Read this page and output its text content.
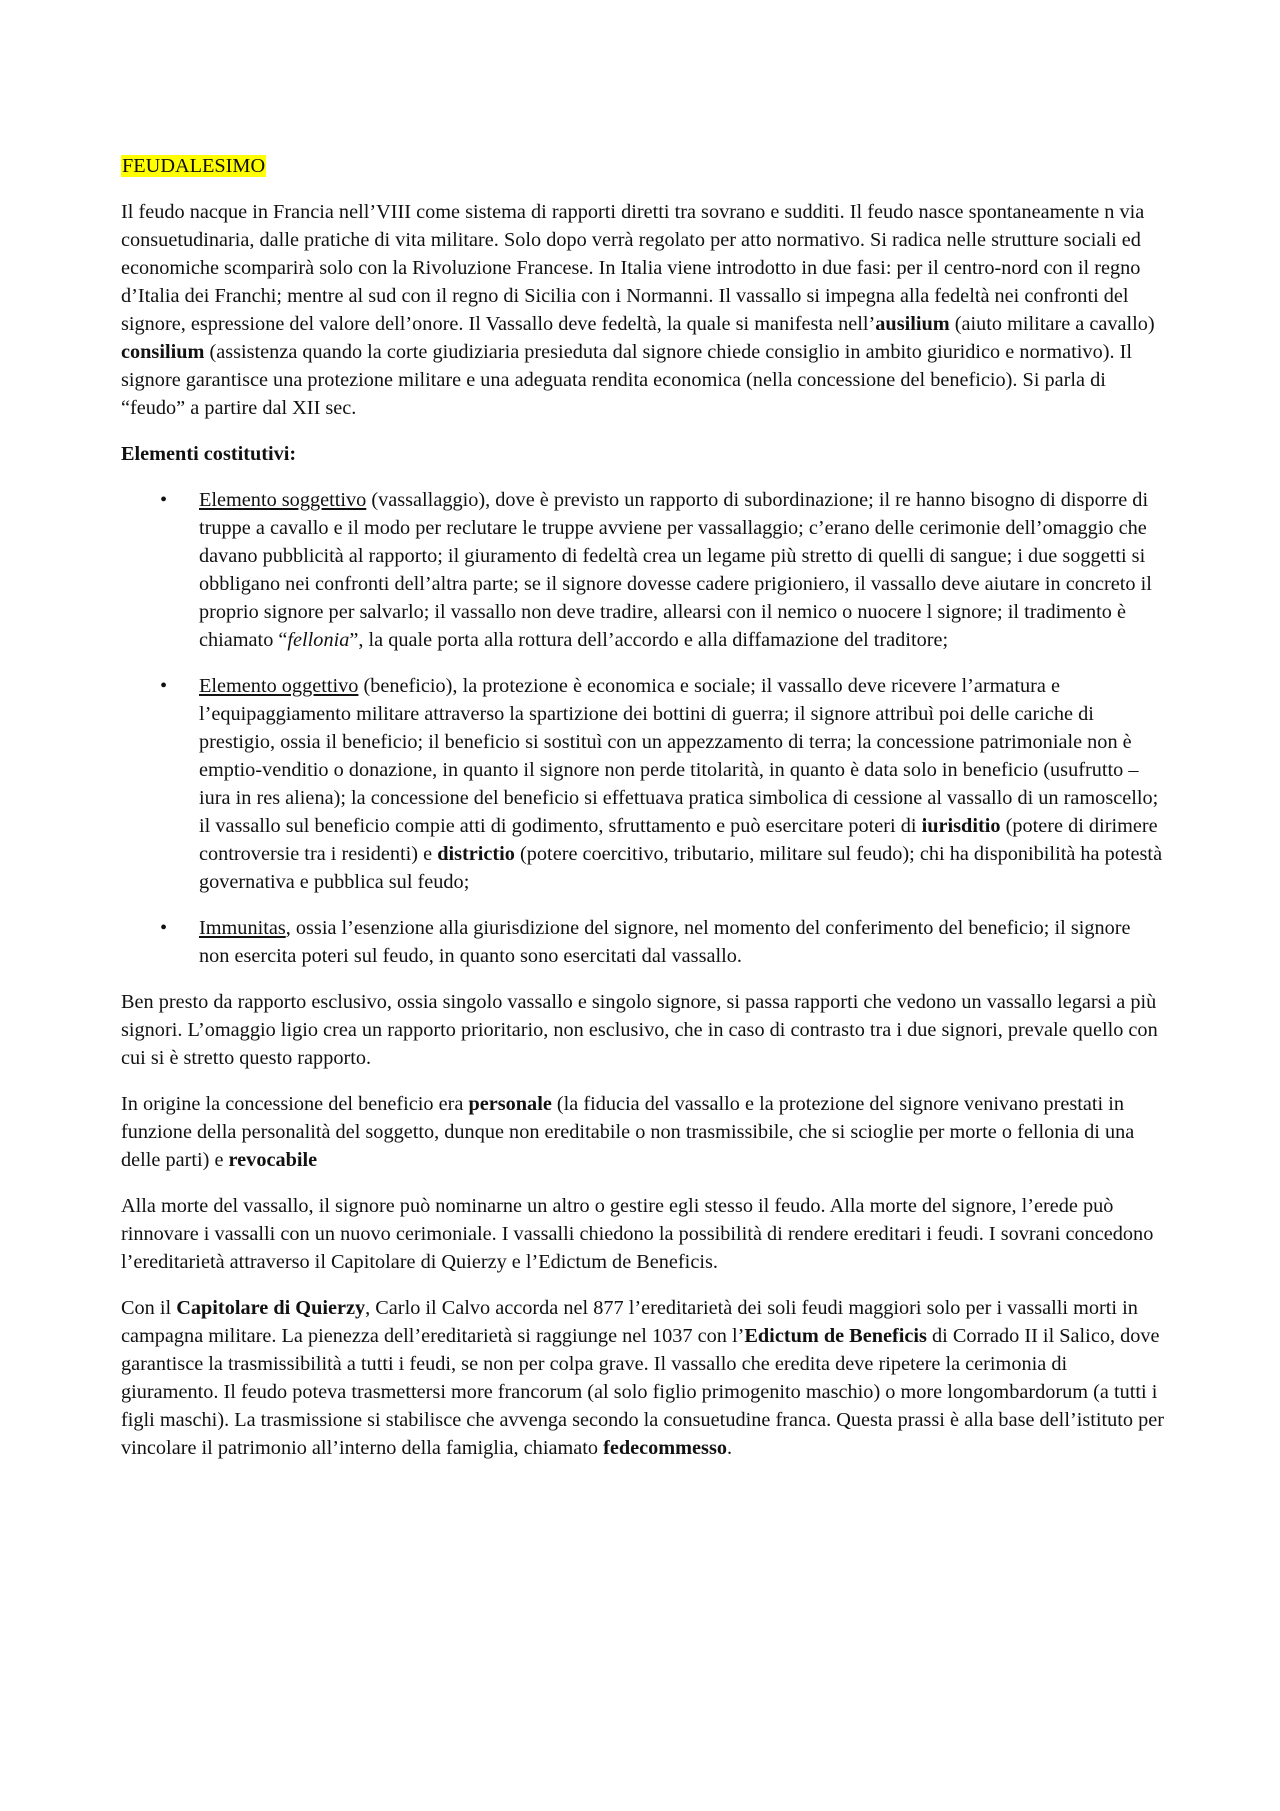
FEUDALESIMO

Il feudo nacque in Francia nell’VIII come sistema di rapporti diretti tra sovrano e sudditi. Il feudo nasce spontaneamente n via consuetudinaria, dalle pratiche di vita militare. Solo dopo verrà regolato per atto normativo. Si radica nelle strutture sociali ed economiche scomparirà solo con la Rivoluzione Francese. In Italia viene introdotto in due fasi: per il centro-nord con il regno d’Italia dei Franchi; mentre al sud con il regno di Sicilia con i Normanni. Il vassallo si impegna alla fedeltà nei confronti del signore, espressione del valore dell’onore. Il Vassallo deve fedeltà, la quale si manifesta nell’ausilium (aiuto militare a cavallo) consilium (assistenza quando la corte giudiziaria presieduta dal signore chiede consiglio in ambito giuridico e normativo). Il signore garantisce una protezione militare e una adeguata rendita economica (nella concessione del beneficio). Si parla di “feudo” a partire dal XII sec.

Elementi costitutivi:
• Elemento soggettivo (vassallaggio), dove è previsto un rapporto di subordinazione; il re hanno bisogno di disporre di truppe a cavallo e il modo per reclutare le truppe avviene per vassallaggio; c’erano delle cerimonie dell’omaggio che davano pubblicità al rapporto; il giuramento di fedeltà crea un legame più stretto di quelli di sangue; i due soggetti si obbligano nei confronti dell’altra parte; se il signore dovesse cadere prigioniero, il vassallo deve aiutare in concreto il proprio signore per salvarlo; il vassallo non deve tradire, allearsi con il nemico o nuocere l signore; il tradimento è chiamato “fellonia”, la quale porta alla rottura dell’accordo e alla diffamazione del traditore;
• Elemento oggettivo (beneficio), la protezione è economica e sociale; il vassallo deve ricevere l’armatura e l’equipaggiamento militare attraverso la spartizione dei bottini di guerra; il signore attribuì poi delle cariche di prestigio, ossia il beneficio; il beneficio si sostituì con un appezzamento di terra; la concessione patrimoniale non è emptio-venditio o donazione, in quanto il signore non perde titolarità, in quanto è data solo in beneficio (usufrutto – iura in res aliena); la concessione del beneficio si effettuava pratica simbolica di cessione al vassallo di un ramoscello; il vassallo sul beneficio compie atti di godimento, sfruttamento e può esercitare poteri di iurisditio (potere di dirimere controversie tra i residenti) e districtio (potere coercitivo, tributario, militare sul feudo); chi ha disponibilità ha potestà governativa e pubblica sul feudo;
• Immunitas, ossia l’esenzione alla giurisdizione del signore, nel momento del conferimento del beneficio; il signore non esercita poteri sul feudo, in quanto sono esercitati dal vassallo.

Ben presto da rapporto esclusivo, ossia singolo vassallo e singolo signore, si passa rapporti che vedono un vassallo legarsi a più signori. L’omaggio ligio crea un rapporto prioritario, non esclusivo, che in caso di contrasto tra i due signori, prevale quello con cui si è stretto questo rapporto.

In origine la concessione del beneficio era personale (la fiducia del vassallo e la protezione del signore venivano prestati in funzione della personalità del soggetto, dunque non ereditabile o non trasmissibile, che si scioglie per morte o fellonia di una delle parti) e revocabile

Alla morte del vassallo, il signore può nominarne un altro o gestire egli stesso il feudo. Alla morte del signore, l’erede può rinnovare i vassalli con un nuovo cerimoniale. I vassalli chiedono la possibilità di rendere ereditari i feudi. I sovrani concedono l’ereditarietà attraverso il Capitolare di Quierzy e l’Edictum de Beneficis.

Con il Capitolare di Quierzy, Carlo il Calvo accorda nel 877 l’ereditarietà dei soli feudi maggiori solo per i vassalli morti in campagna militare. La pienezza dell’ereditarietà si raggiunge nel 1037 con l’Edictum de Beneficis di Corrado II il Salico, dove garantisce la trasmissibilità a tutti i feudi, se non per colpa grave. Il vassallo che eredita deve ripetere la cerimonia di giuramento. Il feudo poteva trasmettersi more francorum (al solo figlio primogenito maschio) o more longombardorum (a tutti i figli maschi). La trasmissione si stabilisce che avvenga secondo la consuetudine franca. Questa prassi è alla base dell’istituto per vincolare il patrimonio all’interno della famiglia, chiamato fedecommesso.
